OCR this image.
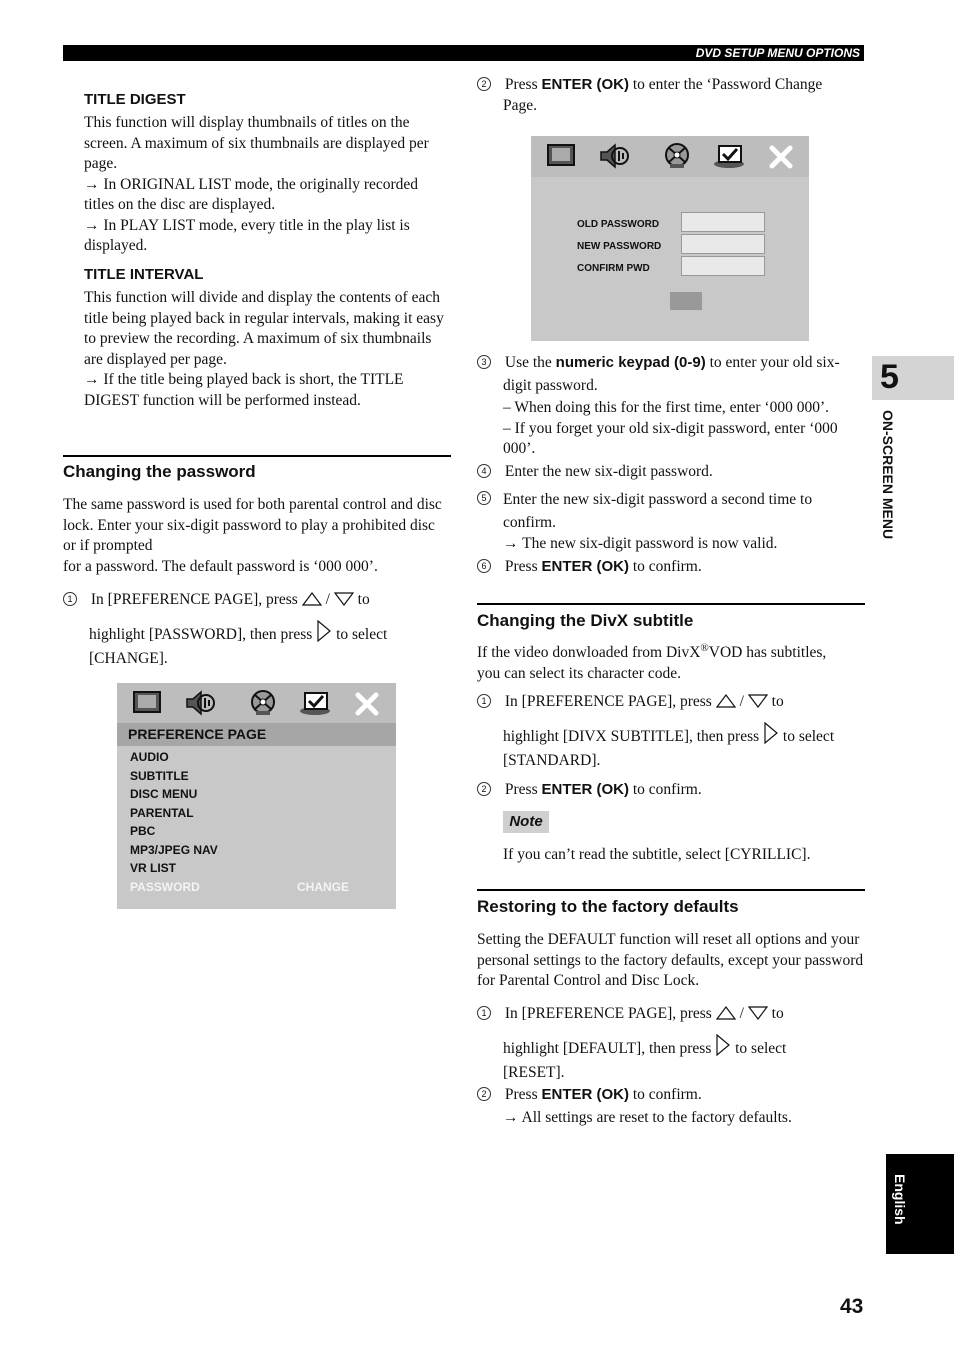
DVD SETUP MENU OPTIONS
TITLE DIGEST
This function will display thumbnails of titles on the screen. A maximum of six thumbnails are displayed per page.
→ In ORIGINAL LIST mode, the originally recorded titles on the disc are displayed.
→ In PLAY LIST mode, every title in the play list is displayed.
TITLE INTERVAL
This function will divide and display the contents of each title being played back in regular intervals, making it easy to preview the recording. A maximum of six thumbnails are displayed per page.
→ If the title being played back is short, the TITLE DIGEST function will be performed instead.
Changing the password
The same password is used for both parental control and disc lock. Enter your six-digit password to play a prohibited disc or if prompted
for a password. The default password is ‘000 000’.
1 In [PREFERENCE PAGE], press / to
highlight [PASSWORD], then press to select
[CHANGE].
PREFERENCE PAGE
AUDIO
SUBTITLE
DISC MENU
PARENTAL
PBC
MP3/JPEG NAV
VR LIST
PASSWORD	CHANGE
2 Press ENTER (OK) to enter the ‘Password Change
Page.
OLD PASSWORD
NEW PASSWORD
CONFIRM PWD
3 Use the numeric keypad (0-9) to enter your old six-
digit password.
– When doing this for the first time, enter ‘000 000’.
– If you forget your old six-digit password, enter ‘000 000’.
4 Enter the new six-digit password.
5 Enter the new six-digit password a second time to confirm.
→ The new six-digit password is now valid.
6 Press ENTER (OK) to confirm.
Changing the DivX subtitle
If the video donwloaded from DivX®VOD has subtitles,
you can select its character code.
1 In [PREFERENCE PAGE], press / to
highlight [DIVX SUBTITLE], then press to select
[STANDARD].
2 Press ENTER (OK) to confirm.
Note
If you can’t read the subtitle, select [CYRILLIC].
Restoring to the factory defaults
Setting the DEFAULT function will reset all options and your personal settings to the factory defaults, except your password for Parental Control and Disc Lock.
1 In [PREFERENCE PAGE], press / to
highlight [DEFAULT], then press to select
[RESET].
2 Press ENTER (OK) to confirm.
→ All settings are reset to the factory defaults.
5
ON-SCREEN MENU
English
43
